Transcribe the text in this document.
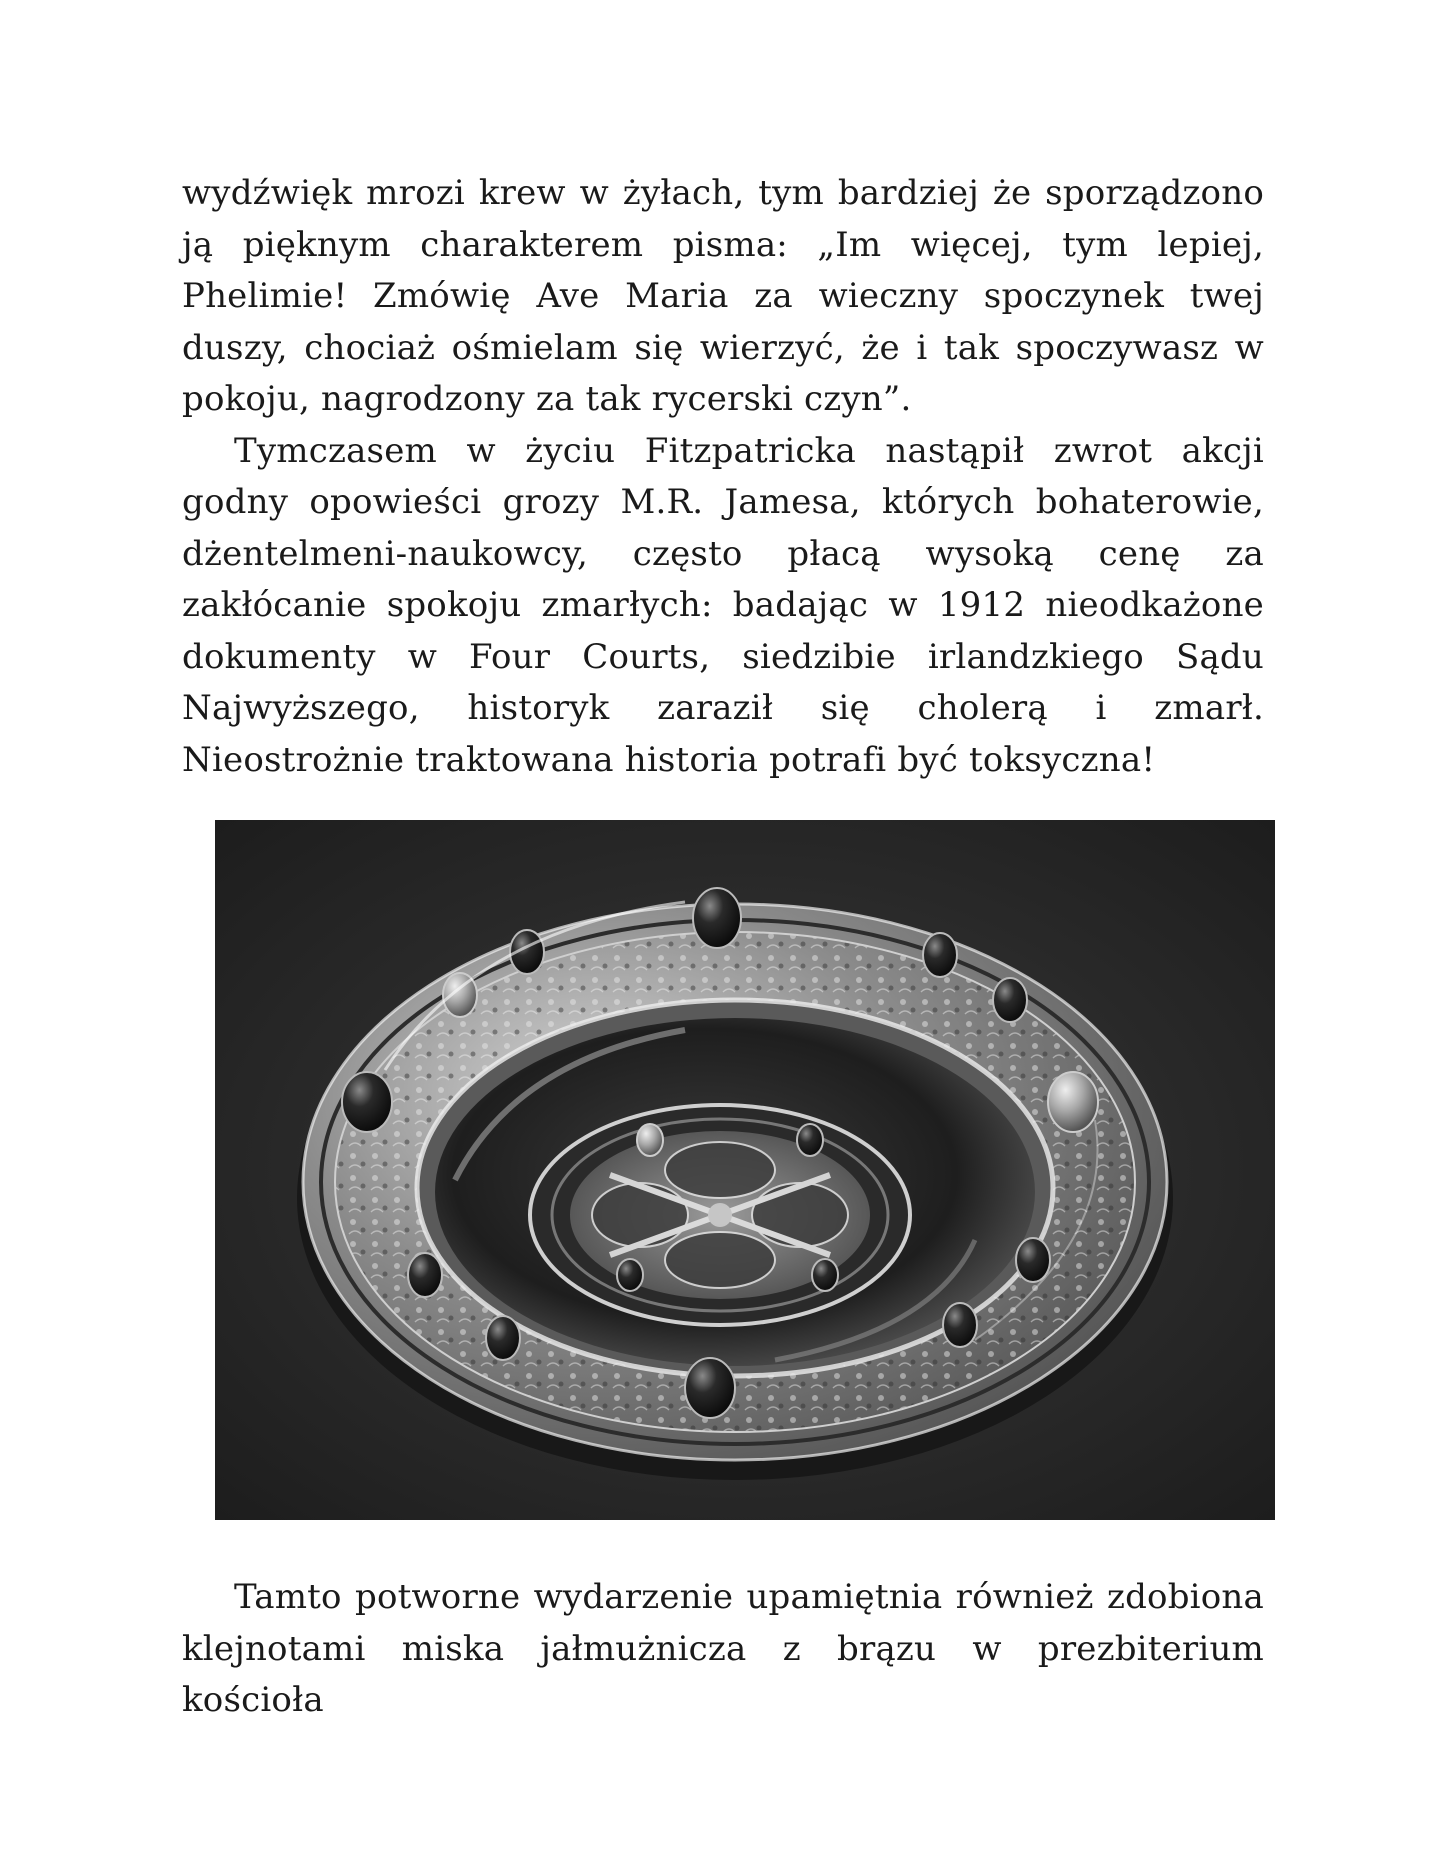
wydźwięk mrozi krew w żyłach, tym bardziej że sporządzono ją pięknym charakterem pisma: „Im więcej, tym lepiej, Phelimie! Zmówię Ave Maria za wieczny spoczynek twej duszy, chociaż ośmielam się wierzyć, że i tak spoczywasz w pokoju, nagrodzony za tak rycerski czyn”.

Tymczasem w życiu Fitzpatricka nastąpił zwrot akcji godny opowieści grozy M.R. Jamesa, których bohaterowie, dżentelmeni-naukowcy, często płacą wysoką cenę za zakłócanie spokoju zmarłych: badając w 1912 nieodkażone dokumenty w Four Courts, siedzibie irlandzkiego Sądu Najwyższego, historyk zaraził się cholerą i zmarł. Nieostrożnie traktowana historia potrafi być toksyczna!

Tamto potworne wydarzenie upamiętnia również zdobiona klejnotami miska jałmużnicza z brązu w prezbiterium kościoła
